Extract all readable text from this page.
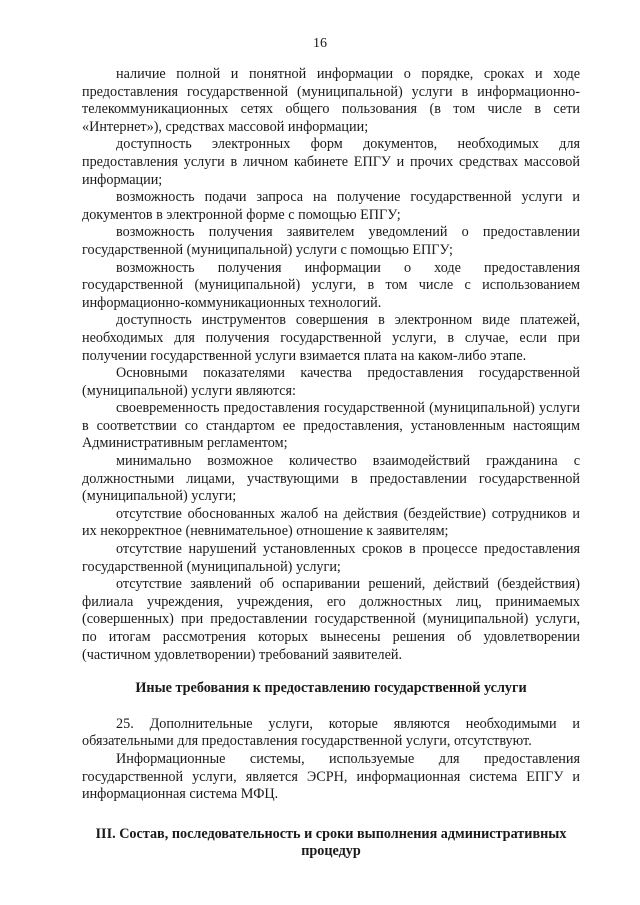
16

наличие полной и понятной информации о порядке, сроках и ходе предоставления государственной (муниципальной) услуги в информационно-телекоммуникационных сетях общего пользования (в том числе в сети «Интернет»), средствах массовой информации;

доступность электронных форм документов, необходимых для предоставления услуги в личном кабинете ЕПГУ и прочих средствах массовой информации;

возможность подачи запроса на получение государственной услуги и документов в электронной форме с помощью ЕПГУ;

возможность получения заявителем уведомлений о предоставлении государственной (муниципальной) услуги с помощью ЕПГУ;

возможность получения информации о ходе предоставления государственной (муниципальной) услуги, в том числе с использованием информационно-коммуникационных технологий.

доступность инструментов совершения в электронном виде платежей, необходимых для получения государственной услуги, в случае, если при получении государственной услуги взимается плата на каком-либо этапе.

Основными показателями качества предоставления государственной (муниципальной) услуги являются:

своевременность предоставления государственной (муниципальной) услуги в соответствии со стандартом ее предоставления, установленным настоящим Административным регламентом;

минимально возможное количество взаимодействий гражданина с должностными лицами, участвующими в предоставлении государственной (муниципальной) услуги;

отсутствие обоснованных жалоб на действия (бездействие) сотрудников и их некорректное (невнимательное) отношение к заявителям;

отсутствие нарушений установленных сроков в процессе предоставления государственной (муниципальной) услуги;

отсутствие заявлений об оспаривании решений, действий (бездействия) филиала учреждения, учреждения, его должностных лиц, принимаемых (совершенных) при предоставлении государственной (муниципальной) услуги, по итогам рассмотрения которых вынесены решения об удовлетворении (частичном удовлетворении) требований заявителей.

Иные требования к предоставлению государственной услуги

25. Дополнительные услуги, которые являются необходимыми и обязательными для предоставления государственной услуги, отсутствуют.

Информационные системы, используемые для предоставления государственной услуги, является ЭСРН, информационная система ЕПГУ и информационная система МФЦ.

III. Состав, последовательность и сроки выполнения административных процедур
